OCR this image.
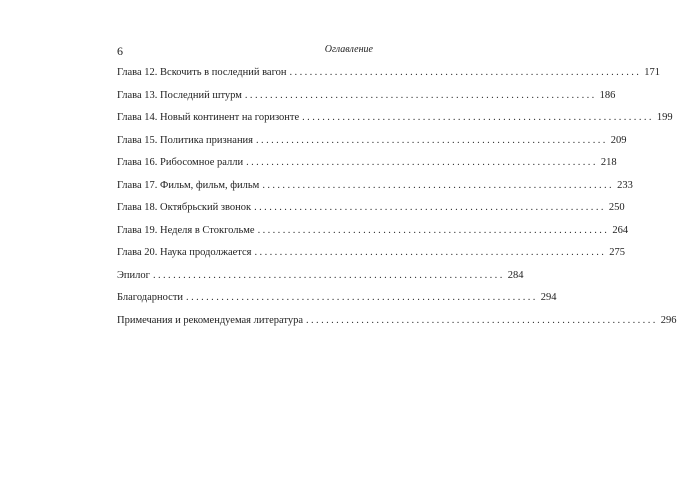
6	Оглавление
Глава 12. Вскочить в последний вагон ...................................................................... 171
Глава 13. Последний штурм ...................................................................... 186
Глава 14. Новый континент на горизонте ...................................................................... 199
Глава 15. Политика признания ...................................................................... 209
Глава 16. Рибосомное ралли ...................................................................... 218
Глава 17. Фильм, фильм, фильм ...................................................................... 233
Глава 18. Октябрьский звонок ...................................................................... 250
Глава 19. Неделя в Стокгольме ...................................................................... 264
Глава 20. Наука продолжается ...................................................................... 275
Эпилог ...................................................................... 284
Благодарности ...................................................................... 294
Примечания и рекомендуемая литература ...................................................................... 296
